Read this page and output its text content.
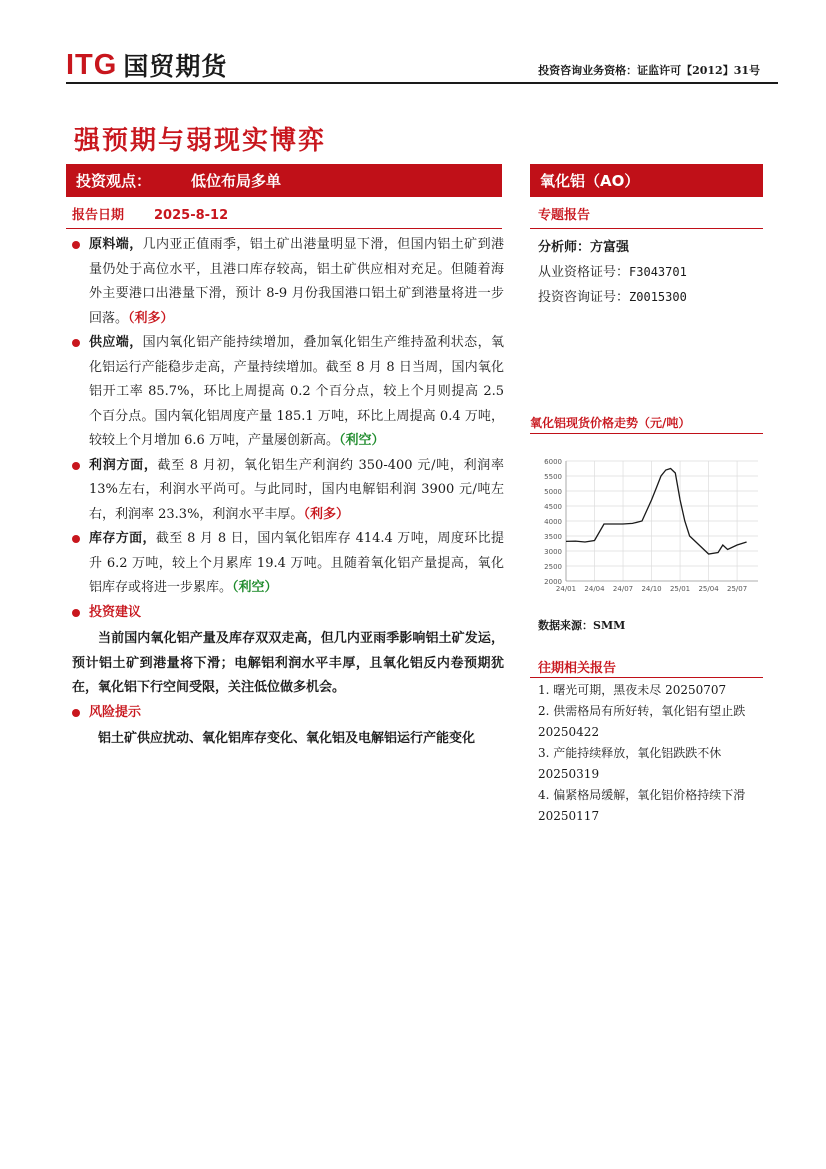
ITG 国贸期货	投资咨询业务资格：证监许可【2012】31号
强预期与弱现实博弈
投资观点：	低位布局多单	氧化铝（AO）
报告日期 2025-8-12	专题报告
原料端，几内亚正值雨季，铝土矿出港量明显下滑，但国内铝土矿到港量仍处于高位水平，且港口库存较高，铝土矿供应相对充足。但随着海外主要港口出港量下滑，预计 8-9 月份我国港口铝土矿到港量将进一步回落。（利多）
供应端，国内氧化铝产能持续增加，叠加氧化铝生产维持盈利状态，氧化铝运行产能稳步走高，产量持续增加。截至 8 月 8 日当周，国内氧化铝开工率 85.7%，环比上周提高 0.2 个百分点，较上个月则提高 2.5 个百分点。国内氧化铝周度产量 185.1 万吨，环比上周提高 0.4 万吨，较较上个月增加 6.6 万吨，产量屡创新高。（利空）
利润方面，截至 8 月初，氧化铝生产利润约 350-400 元/吨，利润率 13%左右，利润水平尚可。与此同时，国内电解铝利润 3900 元/吨左右，利润率 23.3%，利润水平丰厚。（利多）
库存方面，截至 8 月 8 日，国内氧化铝库存 414.4 万吨，周度环比提升 6.2 万吨，较上个月累库 19.4 万吨。且随着氧化铝产量提高，氧化铝库存或将进一步累库。（利空）
投资建议

当前国内氧化铝产量及库存双双走高，但几内亚雨季影响铝土矿发运，预计铝土矿到港量将下滑；电解铝利润水平丰厚，且氧化铝反内卷预期犹在，氧化铝下行空间受限，关注低位做多机会。

风险提示

铝土矿供应扰动、氧化铝库存变化、氧化铝及电解铝运行产能变化

分析师：方富强
从业资格证号：F3043701
投资咨询证号：Z0015300
氧化铝现货价格走势（元/吨）
2000
2500
3000
3500
4000
4500
5000
5500
6000
24/01 24/04 24/07 24/10 25/01 25/04 25/07
数据来源：SMM
往期相关报告
1. 曙光可期，黑夜未尽 20250707
2. 供需格局有所好转，氧化铝有望止跌 20250422
3. 产能持续释放，氧化铝跌跌不休 20250319
4. 偏紧格局缓解，氧化铝价格持续下滑 20250117
